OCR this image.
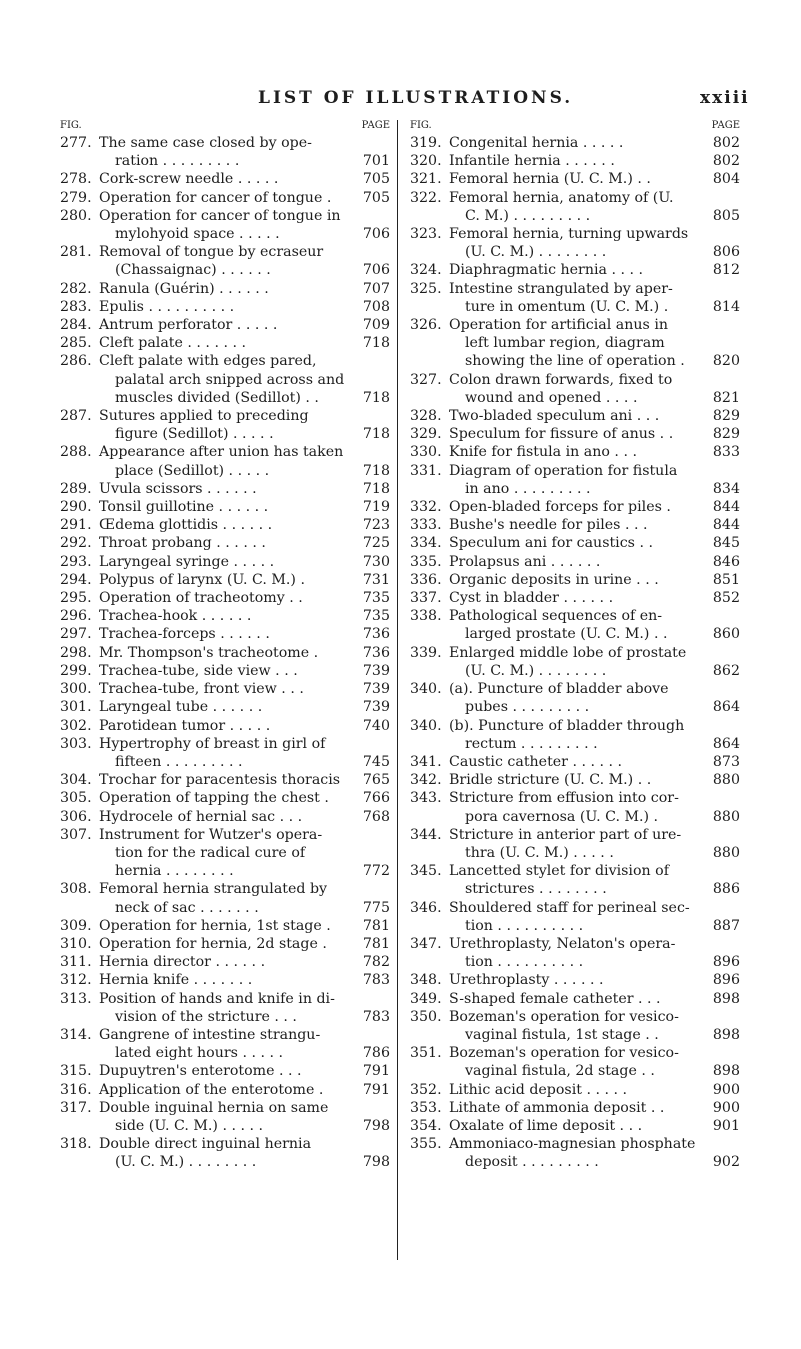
LIST OF ILLUSTRATIONS.	xxiii
FIG.	PAGE
277. The same case closed by ope-
ration . . . . . . . . .	701
278. Cork-screw needle . . . . .	705
279. Operation for cancer of tongue . 705
280. Operation for cancer of tongue in
mylohyoid space . . . . .	706
281. Removal of tongue by ecraseur
(Chassaignac) . . . . . .	706
282. Ranula (Guérin) . . . . . .	707
283. Epulis . . . . . . . . . .	708
284. Antrum perforator . . . . .	709
285. Cleft palate . . . . . . .	718
286. Cleft palate with edges pared,
palatal arch snipped across and
muscles divided (Sedillot) . .	718
287. Sutures applied to preceding
figure (Sedillot) . . . . .	718
288. Appearance after union has taken
place (Sedillot) . . . . .	718
289. Uvula scissors . . . . . .	718
290. Tonsil guillotine . . . . . .	719
291. Œdema glottidis . . . . . .	723
292. Throat probang . . . . . .	725
293. Laryngeal syringe . . . . .	730
294. Polypus of larynx (U. C. M.) .	731
295. Operation of tracheotomy . .	735
296. Trachea-hook . . . . . .	735
297. Trachea-forceps . . . . . .	736
298. Mr. Thompson's tracheotome .	736
299. Trachea-tube, side view . . .	739
300. Trachea-tube, front view . . .	739
301. Laryngeal tube . . . . . .	739
302. Parotidean tumor . . . . .	740
303. Hypertrophy of breast in girl of
fifteen . . . . . . . . .	745
304. Trochar for paracentesis thoracis 765
305. Operation of tapping the chest . 766
306. Hydrocele of hernial sac . . .	768
307. Instrument for Wutzer's opera-
tion for the radical cure of
hernia . . . . . . . .	772
308. Femoral hernia strangulated by
neck of sac . . . . . . .	775
309. Operation for hernia, 1st stage . 781
310. Operation for hernia, 2d stage .	781
311. Hernia director . . . . . .	782
312. Hernia knife . . . . . . .	783
313. Position of hands and knife in di-
vision of the stricture . . .	783
314. Gangrene of intestine strangu-
lated eight hours . . . . .	786
315. Dupuytren's enterotome . . .	791
316. Application of the enterotome .	791
317. Double inguinal hernia on same
side (U. C. M.) . . . . .	798
318. Double direct inguinal hernia
(U. C. M.) . . . . . . . .	798
FIG.	PAGE
319. Congenital hernia . . . . .	802
320. Infantile hernia . . . . . .	802
321. Femoral hernia (U. C. M.) . .	804
322. Femoral hernia, anatomy of (U.
C. M.) . . . . . . . . .	805
323. Femoral hernia, turning upwards
(U. C. M.) . . . . . . . .	806
324. Diaphragmatic hernia . . . .	812
325. Intestine strangulated by aper-
ture in omentum (U. C. M.) .	814
326. Operation for artificial anus in
left lumbar region, diagram
showing the line of operation . 820
327. Colon drawn forwards, fixed to
wound and opened . . . .	821
328. Two-bladed speculum ani . . .	829
329. Speculum for fissure of anus . .	829
330. Knife for fistula in ano . . .	833
331. Diagram of operation for fistula
in ano . . . . . . . . .	834
332. Open-bladed forceps for piles .	844
333. Bushe's needle for piles . . .	844
334. Speculum ani for caustics . .	845
335. Prolapsus ani . . . . . .	846
336. Organic deposits in urine . . .	851
337. Cyst in bladder . . . . . .	852
338. Pathological sequences of en-
larged prostate (U. C. M.) . .	860
339. Enlarged middle lobe of prostate
(U. C. M.) . . . . . . . .	862
340. (a). Puncture of bladder above
pubes . . . . . . . . .	864
340. (b). Puncture of bladder through
rectum . . . . . . . . .	864
341. Caustic catheter . . . . . .	873
342. Bridle stricture (U. C. M.) . .	880
343. Stricture from effusion into cor-
pora cavernosa (U. C. M.) .	880
344. Stricture in anterior part of ure-
thra (U. C. M.) . . . . .	880
345. Lancetted stylet for division of
strictures . . . . . . . .	886
346. Shouldered staff for perineal sec-
tion . . . . . . . . . .	887
347. Urethroplasty, Nelaton's opera-
tion . . . . . . . . . .	896
348. Urethroplasty . . . . . .	896
349. S-shaped female catheter . . .	898
350. Bozeman's operation for vesico-
vaginal fistula, 1st stage . .	898
351. Bozeman's operation for vesico-
vaginal fistula, 2d stage . .	898
352. Lithic acid deposit . . . . .	900
353. Lithate of ammonia deposit . .	900
354. Oxalate of lime deposit . . .	901
355. Ammoniaco-magnesian phosphate
deposit . . . . . . . . .	902
